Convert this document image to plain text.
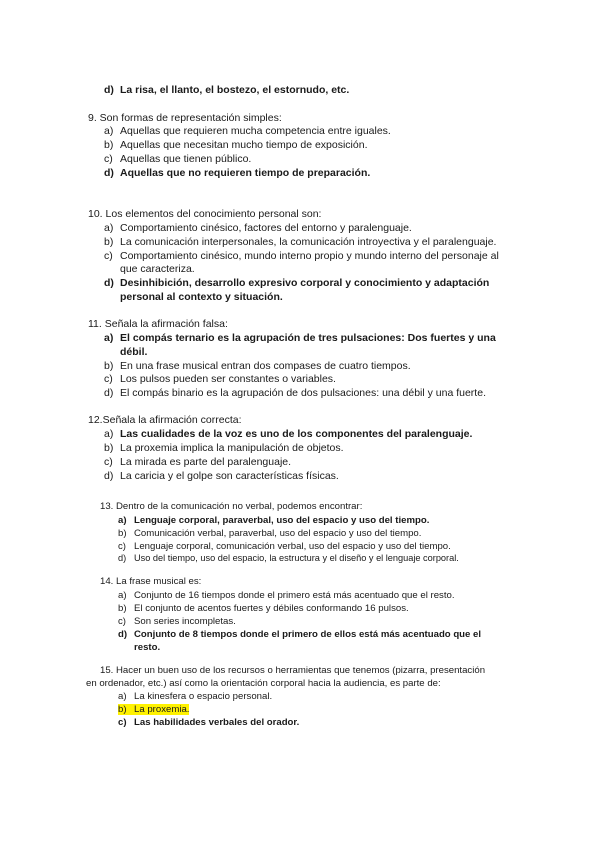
d) La risa, el llanto, el bostezo, el estornudo, etc.
9. Son formas de representación simples:
a) Aquellas que requieren mucha competencia entre iguales.
b) Aquellas que necesitan mucho tiempo de exposición.
c) Aquellas que tienen público.
d) Aquellas que no requieren tiempo de preparación.
10. Los elementos del conocimiento personal son:
a) Comportamiento cinésico, factores del entorno y paralenguaje.
b) La comunicación interpersonales, la comunicación introyectiva y el paralenguaje.
c) Comportamiento cinésico, mundo interno propio y mundo interno del personaje al
que caracteriza.
d) Desinhibición, desarrollo expresivo corporal y conocimiento y adaptación
personal al contexto y situación.
11. Señala la afirmación falsa:
a) El compás ternario es la agrupación de tres pulsaciones: Dos fuertes y una
débil.
b) En una frase musical entran dos compases de cuatro tiempos.
c) Los pulsos pueden ser constantes o variables.
d) El compás binario es la agrupación de dos pulsaciones: una débil y una fuerte.
12.Señala la afirmación correcta:
a) Las cualidades de la voz es uno de los componentes del paralenguaje.
b) La proxemia implica la manipulación de objetos.
c) La mirada es parte del paralenguaje.
d) La caricia y el golpe son características físicas.
13. Dentro de la comunicación no verbal, podemos encontrar:
a) Lenguaje corporal, paraverbal, uso del espacio y uso del tiempo.
b) Comunicación verbal, paraverbal, uso del espacio y uso del tiempo.
c) Lenguaje corporal, comunicación verbal, uso del espacio y uso del tiempo.
d) Uso del tiempo, uso del espacio, la estructura y el diseño y el lenguaje corporal.
14. La frase musical es:
a) Conjunto de 16 tiempos donde el primero está más acentuado que el resto.
b) El conjunto de acentos fuertes y débiles conformando 16 pulsos.
c) Son series incompletas.
d) Conjunto de 8 tiempos donde el primero de ellos está más acentuado que el
resto.
15. Hacer un buen uso de los recursos o herramientas que tenemos (pizarra, presentación
en ordenador, etc.) así como la orientación corporal hacia la audiencia, es parte de:
a) La kinesfera o espacio personal.
b) La proxemia.
c) Las habilidades verbales del orador.
